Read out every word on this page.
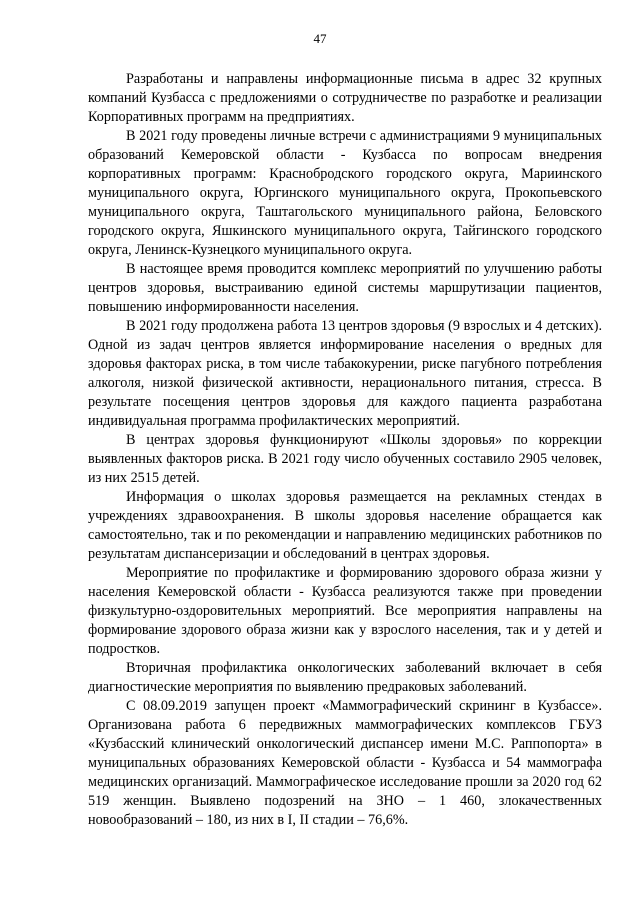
47

Разработаны и направлены информационные письма в адрес 32 крупных компаний Кузбасса с предложениями о сотрудничестве по разработке и реализации Корпоративных программ на предприятиях.

В 2021 году проведены личные встречи с администрациями 9 муниципальных образований Кемеровской области - Кузбасса по вопросам внедрения корпоративных программ: Краснобродского городского округа, Мариинского муниципального округа, Юргинского муниципального округа, Прокопьевского муниципального округа, Таштагольского муниципального района, Беловского городского округа, Яшкинского муниципального округа, Тайгинского городского округа, Ленинск-Кузнецкого муниципального округа.

В настоящее время проводится комплекс мероприятий по улучшению работы центров здоровья, выстраиванию единой системы маршрутизации пациентов, повышению информированности населения.

В 2021 году продолжена работа 13 центров здоровья (9 взрослых и 4 детских). Одной из задач центров является информирование населения о вредных для здоровья факторах риска, в том числе табакокурении, риске пагубного потребления алкоголя, низкой физической активности, нерационального питания, стресса. В результате посещения центров здоровья для каждого пациента разработана индивидуальная программа профилактических мероприятий.

В центрах здоровья функционируют «Школы здоровья» по коррекции выявленных факторов риска. В 2021 году число обученных составило 2905 человек, из них 2515 детей.

Информация о школах здоровья размещается на рекламных стендах в учреждениях здравоохранения. В школы здоровья население обращается как самостоятельно, так и по рекомендации и направлению медицинских работников по результатам диспансеризации и обследований в центрах здоровья.

Мероприятие по профилактике и формированию здорового образа жизни у населения Кемеровской области - Кузбасса реализуются также при проведении физкультурно-оздоровительных мероприятий. Все мероприятия направлены на формирование здорового образа жизни как у взрослого населения, так и у детей и подростков.

Вторичная профилактика онкологических заболеваний включает в себя диагностические мероприятия по выявлению предраковых заболеваний.

С 08.09.2019 запущен проект «Маммографический скрининг в Кузбассе». Организована работа 6 передвижных маммографических комплексов ГБУЗ «Кузбасский клинический онкологический диспансер имени М.С. Раппопорта» в муниципальных образованиях Кемеровской области - Кузбасса и 54 маммографа медицинских организаций. Маммографическое исследование прошли за 2020 год 62 519 женщин. Выявлено подозрений на ЗНО – 1 460, злокачественных новообразований – 180, из них в I, II стадии – 76,6%.
